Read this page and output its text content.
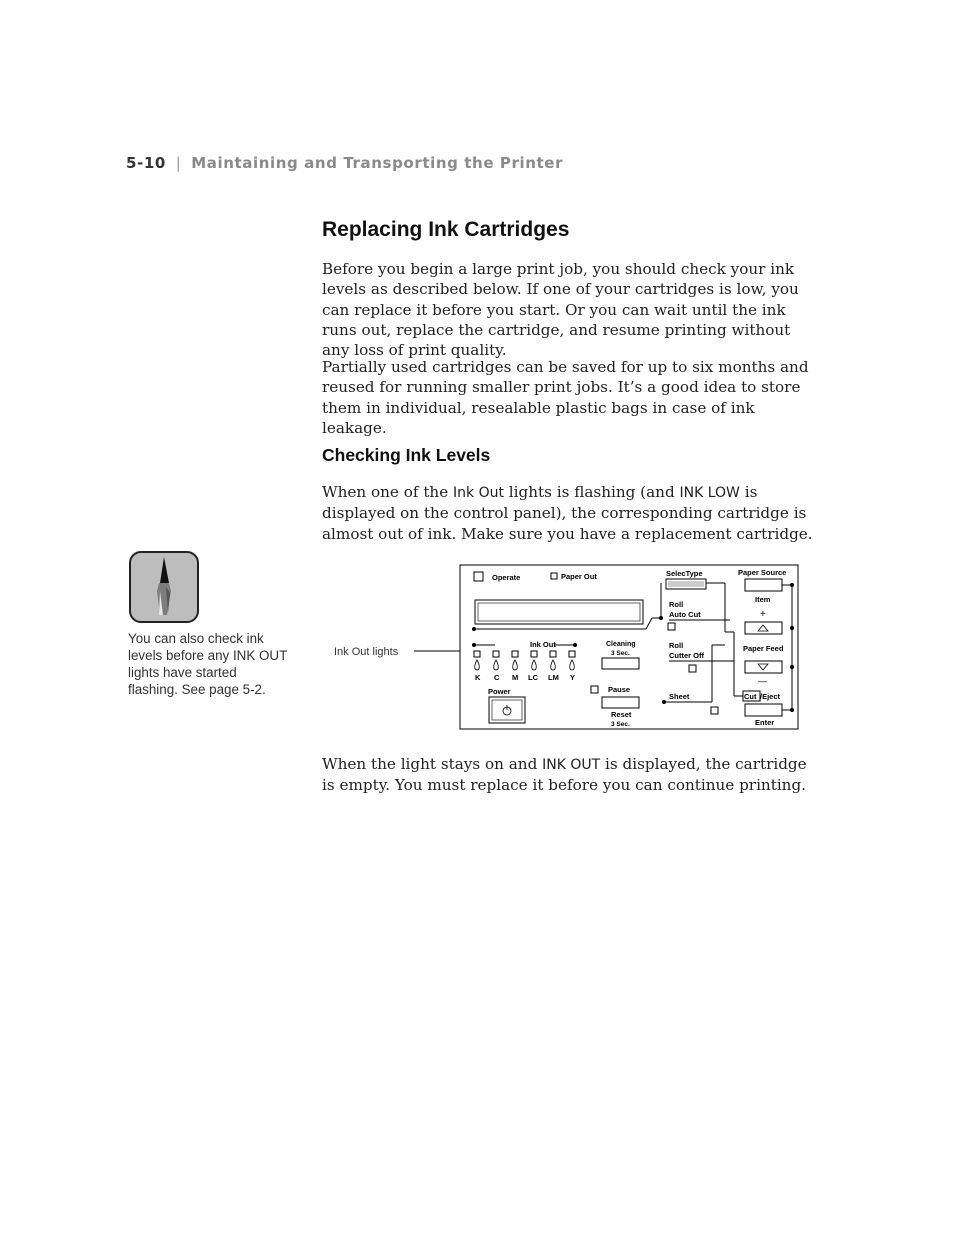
5-10 | Maintaining and Transporting the Printer
Replacing Ink Cartridges

Before you begin a large print job, you should check your ink levels as described below. If one of your cartridges is low, you can replace it before you start. Or you can wait until the ink runs out, replace the cartridge, and resume printing without any loss of print quality.

Partially used cartridges can be saved for up to six months and reused for running smaller print jobs. It’s a good idea to store them in individual, resealable plastic bags in case of ink leakage.

Checking Ink Levels

When one of the Ink Out lights is flashing (and INK LOW is displayed on the control panel), the corresponding cartridge is almost out of ink. Make sure you have a replacement cartridge.

You can also check ink levels before any INK OUT lights have started flashing. See page 5-2.
Ink Out lights
Operate	Paper Out	SelecType
Roll
Auto Cut
Paper Source
Item
+
Ink Out	Cleaning
3 Sec.
Roll
Cutter Off
Paper Feed
—
K C M LC LM Y
Power	Pause
Reset
3 Sec.
Sheet	Cut /Eject
Enter

When the light stays on and INK OUT is displayed, the cartridge is empty. You must replace it before you can continue printing.
